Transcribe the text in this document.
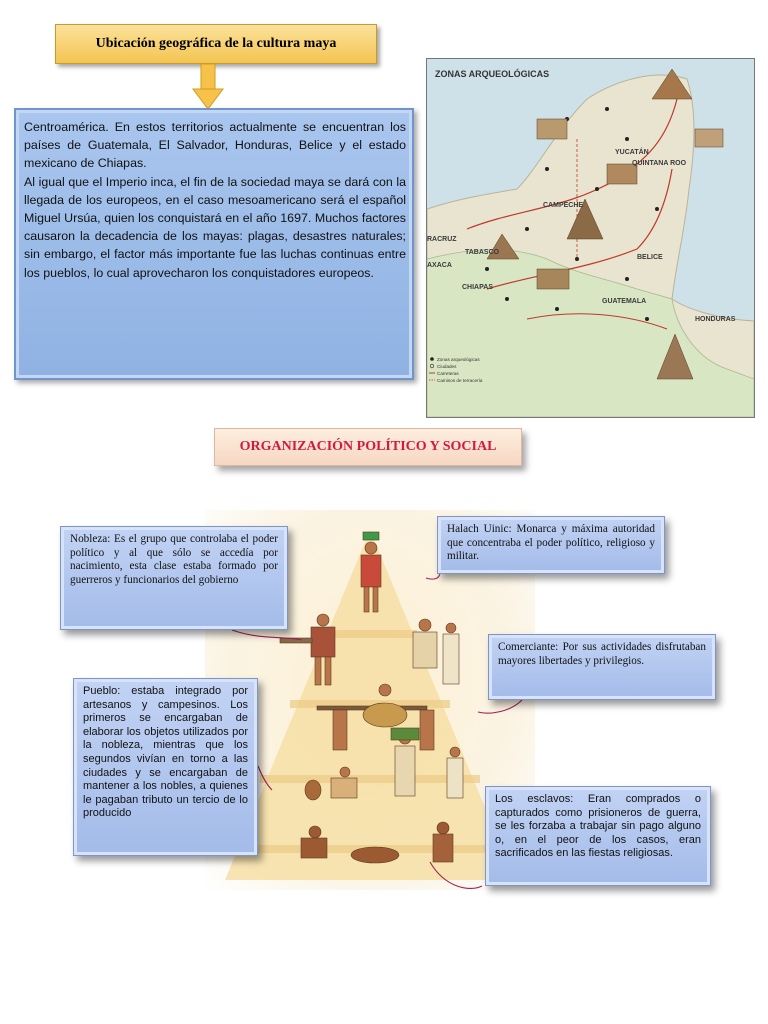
Ubicación geográfica de la cultura maya

Centroamérica. En estos territorios actualmente se encuentran los países de Guatemala, El Salvador, Honduras, Belice y el estado mexicano de Chiapas.

Al igual que el Imperio inca, el fin de la sociedad maya se dará con la llegada de los europeos, en el caso mesoamericano será el español Miguel Ursúa, quien los conquistará en el año 1697. Muchos factores causaron la decadencia de los mayas: plagas, desastres naturales; sin embargo, el factor más importante fue las luchas continuas entre los pueblos, lo cual aprovecharon los conquistadores europeos.

ZONAS ARQUEOLÓGICAS
YUCATÁN
QUINTANA ROO
CAMPECHE
TABASCO
CHIAPAS
BELICE
GUATEMALA
HONDURAS
RACRUZ
AXACA
Zonas arqueológicas
Ciudades
Carreteras
Caminos de terracería
ORGANIZACIÓN POLÍTICO Y SOCIAL
Nobleza: Es el grupo que controlaba el poder político y al que sólo se accedía por nacimiento, esta clase estaba formado por guerreros y funcionarios del gobierno
Halach Uinic: Monarca y máxima autoridad que concentraba el poder político, religioso y militar.
Comerciante: Por sus actividades disfrutaban mayores libertades y privilegios.
Pueblo: estaba integrado por artesanos y campesinos. Los primeros se encargaban de elaborar los objetos utilizados por la nobleza, mientras que los segundos vivían en torno a las ciudades y se encargaban de mantener a los nobles, a quienes le pagaban tributo un tercio de lo producido
Los esclavos: Eran comprados o capturados como prisioneros de guerra, se les forzaba a trabajar sin pago alguno o, en el peor de los casos, eran sacrificados en las fiestas religiosas.
